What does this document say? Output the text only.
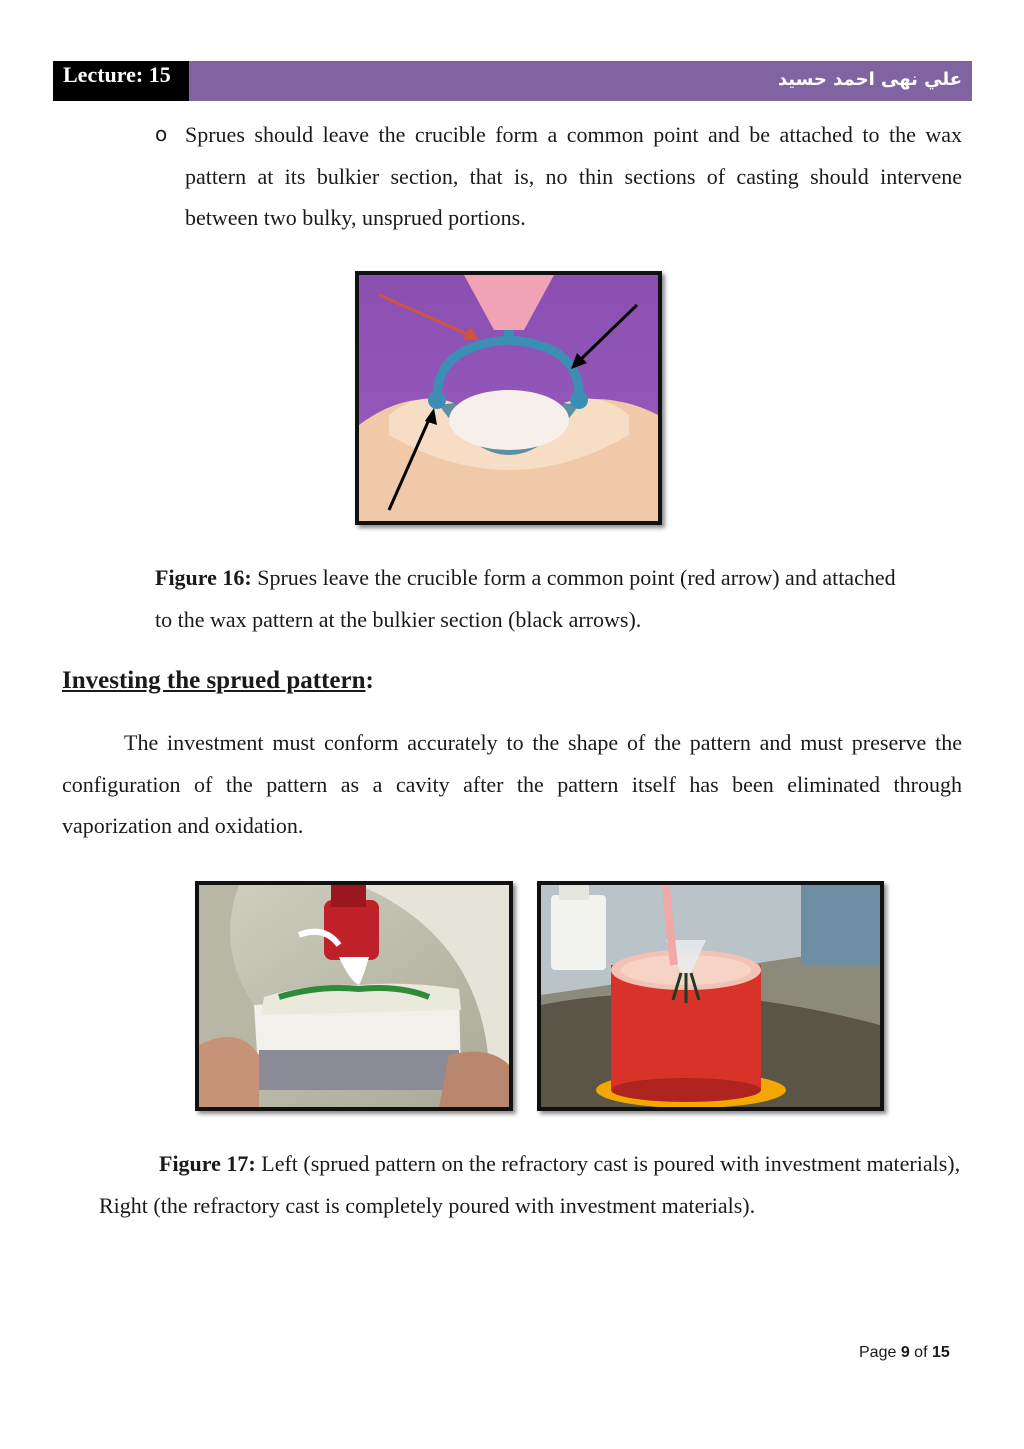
Lecture: 15	علي نهى احمد حسيد
o Sprues should leave the crucible form a common point and be attached to the wax pattern at its bulkier section, that is, no thin sections of casting should intervene between two bulky, unsprued portions.

Figure 16: Sprues leave the crucible form a common point (red arrow) and attached to the wax pattern at the bulkier section (black arrows).

Investing the sprued pattern:

The investment must conform accurately to the shape of the pattern and must preserve the configuration of the pattern as a cavity after the pattern itself has been eliminated through vaporization and oxidation.

Figure 17: Left (sprued pattern on the refractory cast is poured with investment materials), Right (the refractory cast is completely poured with investment materials).

Page 9 of 15
